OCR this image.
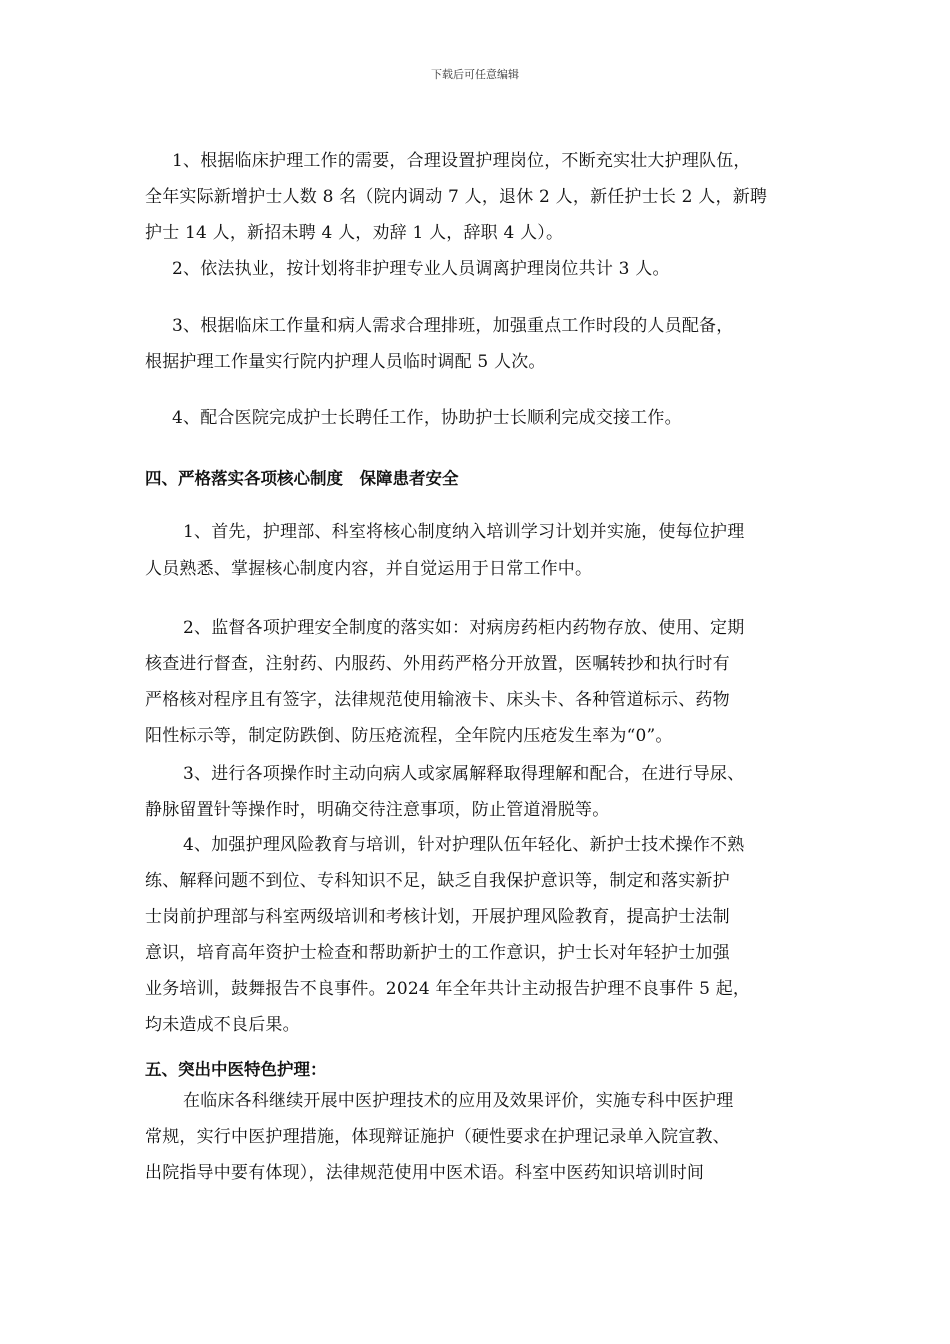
下载后可任意编辑
1、根据临床护理工作的需要，合理设置护理岗位，不断充实壮大护理队伍，
全年实际新增护士人数 8 名（院内调动 7 人，退休 2 人，新任护士长 2 人，新聘
护士 14 人，新招未聘 4 人，劝辞 1 人，辞职 4 人）。
2、依法执业，按计划将非护理专业人员调离护理岗位共计 3 人。
3、根据临床工作量和病人需求合理排班，加强重点工作时段的人员配备，
根据护理工作量实行院内护理人员临时调配 5 人次。
4、配合医院完成护士长聘任工作，协助护士长顺利完成交接工作。
四、严格落实各项核心制度　保障患者安全
1、首先，护理部、科室将核心制度纳入培训学习计划并实施，使每位护理
人员熟悉、掌握核心制度内容，并自觉运用于日常工作中。
2、监督各项护理安全制度的落实如：对病房药柜内药物存放、使用、定期
核查进行督查，注射药、内服药、外用药严格分开放置，医嘱转抄和执行时有
严格核对程序且有签字，法律规范使用输液卡、床头卡、各种管道标示、药物
阳性标示等，制定防跌倒、防压疮流程，全年院内压疮发生率为“0”。
3、进行各项操作时主动向病人或家属解释取得理解和配合，在进行导尿、
静脉留置针等操作时，明确交待注意事项，防止管道滑脱等。
4、加强护理风险教育与培训，针对护理队伍年轻化、新护士技术操作不熟
练、解释问题不到位、专科知识不足，缺乏自我保护意识等，制定和落实新护
士岗前护理部与科室两级培训和考核计划，开展护理风险教育，提高护士法制
意识，培育高年资护士检查和帮助新护士的工作意识，护士长对年轻护士加强
业务培训，鼓舞报告不良事件。2024 年全年共计主动报告护理不良事件 5 起，
均未造成不良后果。
五、突出中医特色护理：
在临床各科继续开展中医护理技术的应用及效果评价，实施专科中医护理
常规，实行中医护理措施，体现辩证施护（硬性要求在护理记录单入院宣教、
出院指导中要有体现），法律规范使用中医术语。科室中医药知识培训时间
